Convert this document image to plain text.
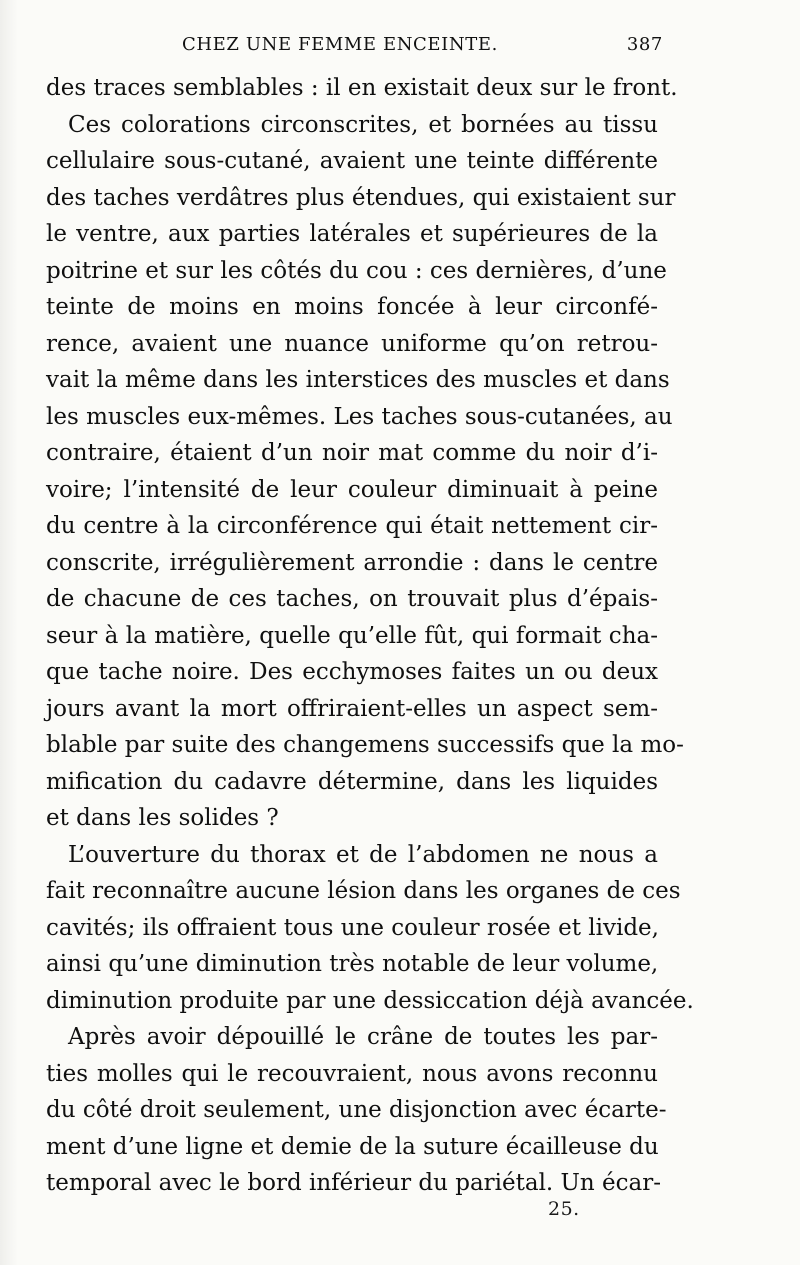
CHEZ UNE FEMME ENCEINTE.	387
des traces semblables : il en existait deux sur le front.
Ces colorations circonscrites, et bornées au tissu
cellulaire sous-cutané, avaient une teinte différente
des taches verdâtres plus étendues, qui existaient sur
le ventre, aux parties latérales et supérieures de la
poitrine et sur les côtés du cou : ces dernières, d’une
teinte de moins en moins foncée à leur circonfé-
rence, avaient une nuance uniforme qu’on retrou-
vait la même dans les interstices des muscles et dans
les muscles eux-mêmes. Les taches sous-cutanées, au
contraire, étaient d’un noir mat comme du noir d’i-
voire; l’intensité de leur couleur diminuait à peine
du centre à la circonférence qui était nettement cir-
conscrite, irrégulièrement arrondie : dans le centre
de chacune de ces taches, on trouvait plus d’épais-
seur à la matière, quelle qu’elle fût, qui formait cha-
que tache noire. Des ecchymoses faites un ou deux
jours avant la mort offriraient-elles un aspect sem-
blable par suite des changemens successifs que la mo-
mification du cadavre détermine, dans les liquides
et dans les solides ?
L’ouverture du thorax et de l’abdomen ne nous a
fait reconnaître aucune lésion dans les organes de ces
cavités; ils offraient tous une couleur rosée et livide,
ainsi qu’une diminution très notable de leur volume,
diminution produite par une dessiccation déjà avancée.
Après avoir dépouillé le crâne de toutes les par-
ties molles qui le recouvraient, nous avons reconnu
du côté droit seulement, une disjonction avec écarte-
ment d’une ligne et demie de la suture écailleuse du
temporal avec le bord inférieur du pariétal. Un écar-
25.
